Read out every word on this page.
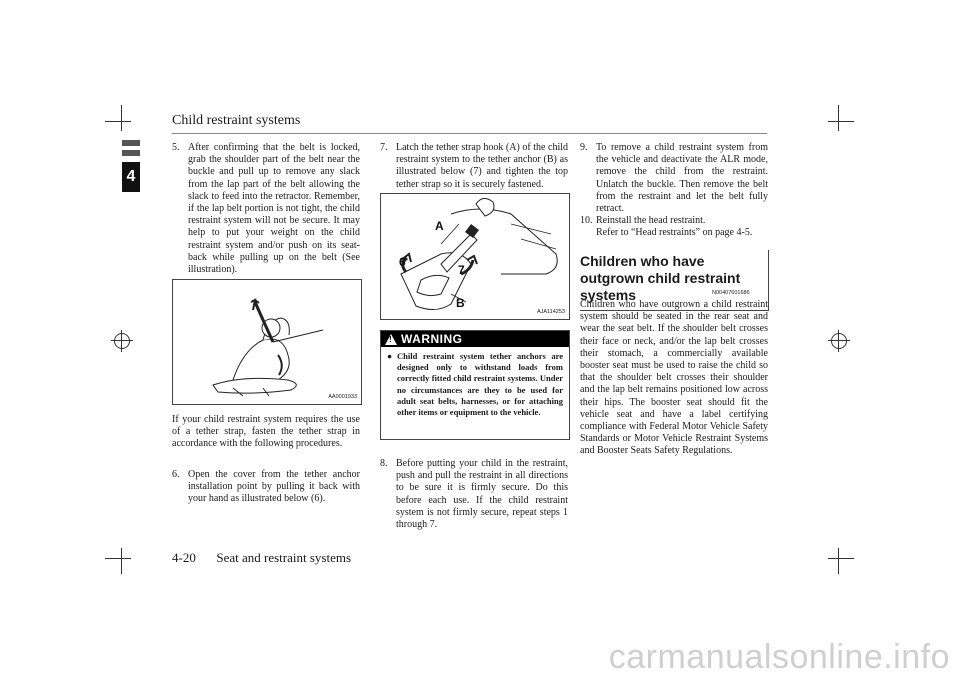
Child restraint systems
4
5. After confirming that the belt is locked, grab the shoulder part of the belt near the buckle and pull up to remove any slack from the lap part of the belt allowing the slack to feed into the retractor. Remember, if the lap belt portion is not tight, the child restraint system will not be secure. It may help to put your weight on the child restraint system and/or push on its seat-back while pulling up on the belt (See illustration).
AA0001933
If your child restraint system requires the use of a tether strap, fasten the tether strap in accordance with the following procedures.
6. Open the cover from the tether anchor installation point by pulling it back with your hand as illustrated below (6).
7. Latch the tether strap hook (A) of the child restraint system to the tether anchor (B) as illustrated below (7) and tighten the top tether strap so it is securely fastened.
A
6
7
B
AJA114253
!
WARNING
● Child restraint system tether anchors are designed only to withstand loads from correctly fitted child restraint systems. Under no circumstances are they to be used for adult seat belts, harnesses, or for attaching other items or equipment to the vehicle.
8. Before putting your child in the restraint, push and pull the restraint in all directions to be sure it is firmly secure. Do this before each use. If the child restraint system is not firmly secure, repeat steps 1 through 7.
9. To remove a child restraint system from the vehicle and deactivate the ALR mode, remove the child from the restraint. Unlatch the buckle. Then remove the belt from the restraint and let the belt fully retract.
10. Reinstall the head restraint.
Refer to “Head restraints” on page 4-5.
Children who have outgrown child restraint systems	N00407601686
Children who have outgrown a child restraint system should be seated in the rear seat and wear the seat belt. If the shoulder belt crosses their face or neck, and/or the lap belt crosses their stomach, a commercially available booster seat must be used to raise the child so that the shoulder belt crosses their shoulder and the lap belt remains positioned low across their hips. The booster seat should fit the vehicle seat and have a label certifying compliance with Federal Motor Vehicle Safety Standards or Motor Vehicle Restraint Systems and Booster Seats Safety Regulations.
4-20 Seat and restraint systems
carmanualsonline.info
